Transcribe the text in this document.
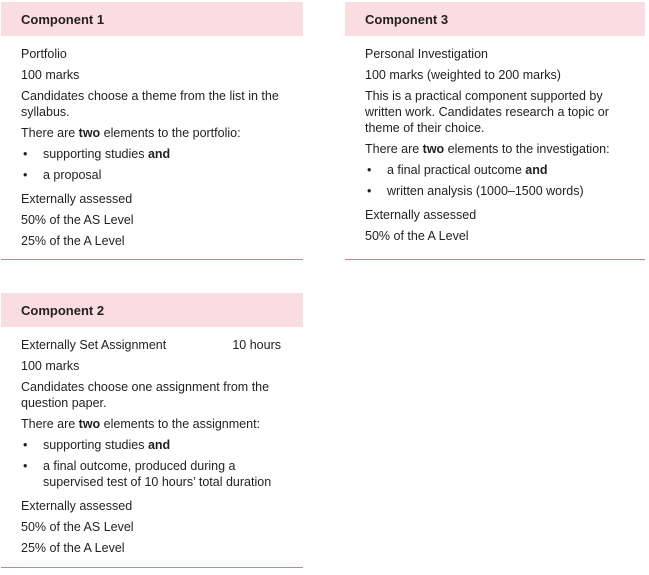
Component 1
Portfolio
100 marks
Candidates choose a theme from the list in the syllabus.
There are two elements to the portfolio:
• supporting studies and
• a proposal
Externally assessed
50% of the AS Level
25% of the A Level
Component 3
Personal Investigation
100 marks (weighted to 200 marks)
This is a practical component supported by written work. Candidates research a topic or theme of their choice.
There are two elements to the investigation:
• a final practical outcome and
• written analysis (1000–1500 words)
Externally assessed
50% of the A Level
Component 2
Externally Set Assignment	10 hours
100 marks
Candidates choose one assignment from the question paper.
There are two elements to the assignment:
• supporting studies and
• a final outcome, produced during a supervised test of 10 hours’ total duration
Externally assessed
50% of the AS Level
25% of the A Level
